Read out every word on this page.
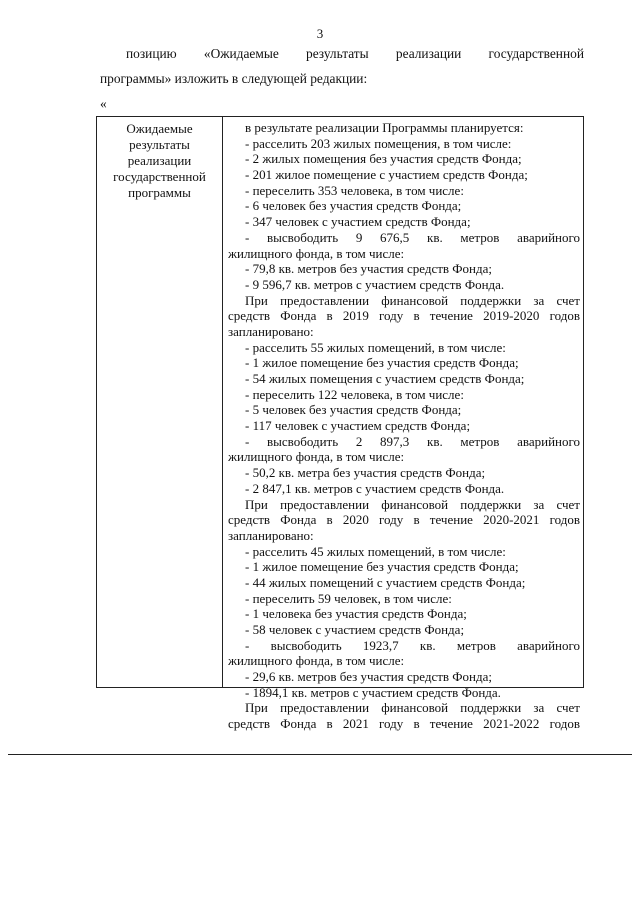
3
позицию «Ожидаемые результаты реализации государственной
программы» изложить в следующей редакции:
«
Ожидаемые
результаты
реализации
государственной
программы
в результате реализации Программы планируется:
- расселить 203 жилых помещения, в том числе:
- 2 жилых помещения без участия средств Фонда;
- 201 жилое помещение с участием средств Фонда;
- переселить 353 человека, в том числе:
- 6 человек без участия средств Фонда;
- 347 человек с участием средств Фонда;
- высвободить 9 676,5 кв. метров аварийного
жилищного фонда, в том числе:
- 79,8 кв. метров без участия средств Фонда;
- 9 596,7 кв. метров с участием средств Фонда.
При предоставлении финансовой поддержки за счет
средств Фонда в 2019 году в течение 2019-2020 годов
запланировано:
- расселить 55 жилых помещений, в том числе:
- 1 жилое помещение без участия средств Фонда;
- 54 жилых помещения с участием средств Фонда;
- переселить 122 человека, в том числе:
- 5 человек без участия средств Фонда;
- 117 человек с участием средств Фонда;
- высвободить 2 897,3 кв. метров аварийного
жилищного фонда, в том числе:
- 50,2 кв. метра без участия средств Фонда;
- 2 847,1 кв. метров с участием средств Фонда.
При предоставлении финансовой поддержки за счет
средств Фонда в 2020 году в течение 2020-2021 годов
запланировано:
- расселить 45 жилых помещений, в том числе:
- 1 жилое помещение без участия средств Фонда;
- 44 жилых помещений с участием средств Фонда;
- переселить 59 человек, в том числе:
- 1 человека без участия средств Фонда;
- 58 человек с участием средств Фонда;
- высвободить 1923,7 кв. метров аварийного
жилищного фонда, в том числе:
- 29,6 кв. метров без участия средств Фонда;
- 1894,1 кв. метров с участием средств Фонда.
При предоставлении финансовой поддержки за счет
средств Фонда в 2021 году в течение 2021-2022 годов
